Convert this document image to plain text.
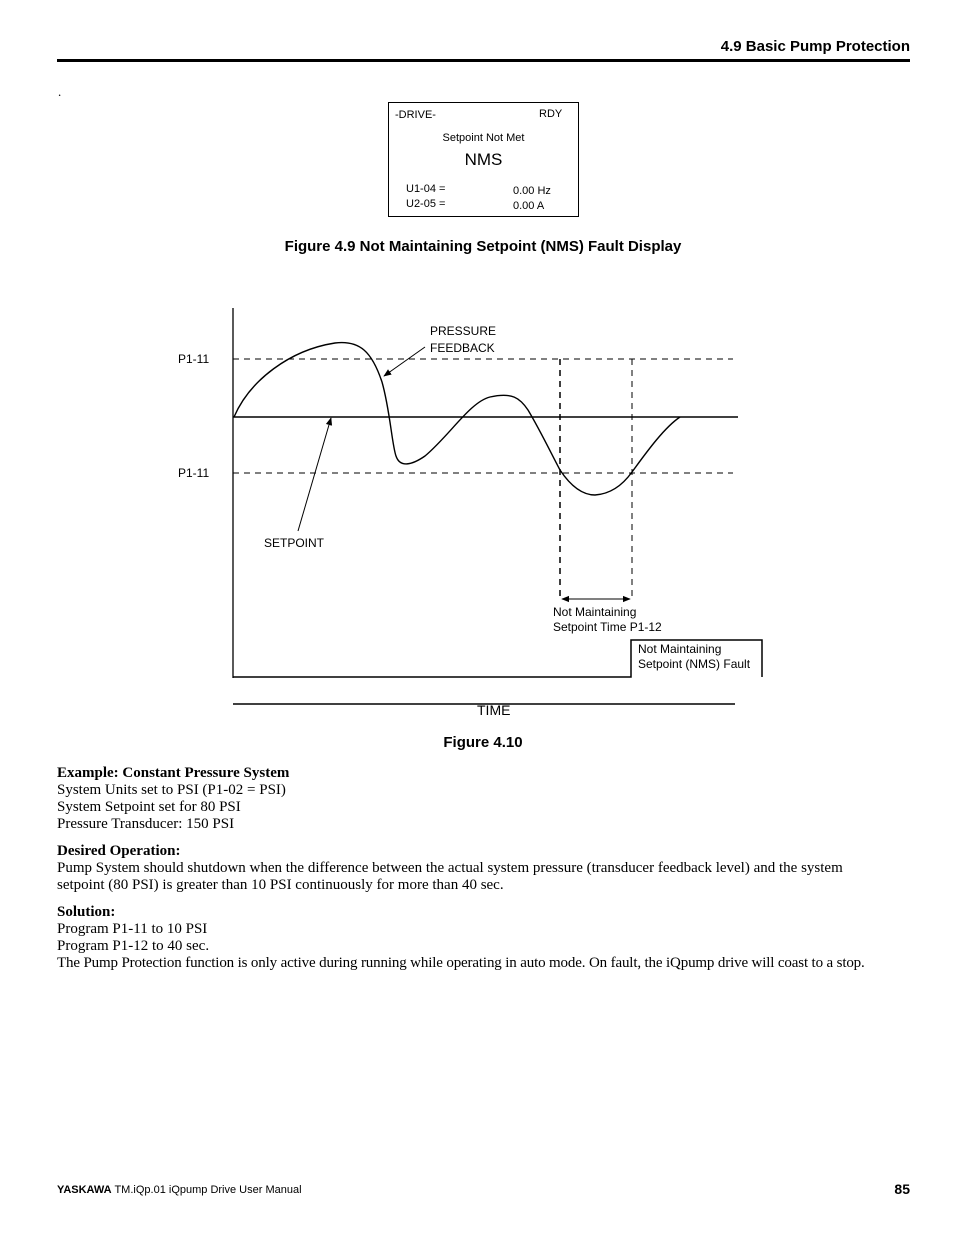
4.9 Basic Pump Protection
.
-DRIVE-	RDY
Setpoint Not Met
NMS
U1-04 =	0.00 Hz
U2-05 =	0.00 A
Figure 4.9 Not Maintaining Setpoint (NMS) Fault Display
P1-11
P1-11
PRESSURE
FEEDBACK
SETPOINT
Not Maintaining
Setpoint Time P1-12
Not Maintaining
Setpoint (NMS) Fault
TIME
Figure 4.10

Example: Constant Pressure System

System Units set to PSI (P1-02 = PSI)

System Setpoint set for 80 PSI

Pressure Transducer: 150 PSI

Desired Operation:

Pump System should shutdown when the difference between the actual system pressure (transducer feedback level) and the system

setpoint (80 PSI) is greater than 10 PSI continuously for more than 40 sec.

Solution:

Program P1-11 to 10 PSI

Program P1-12 to 40 sec.

The Pump Protection function is only active during running while operating in auto mode. On fault, the iQpump drive will coast to a stop.

YASKAWA TM.iQp.01 iQpump Drive User Manual	85
